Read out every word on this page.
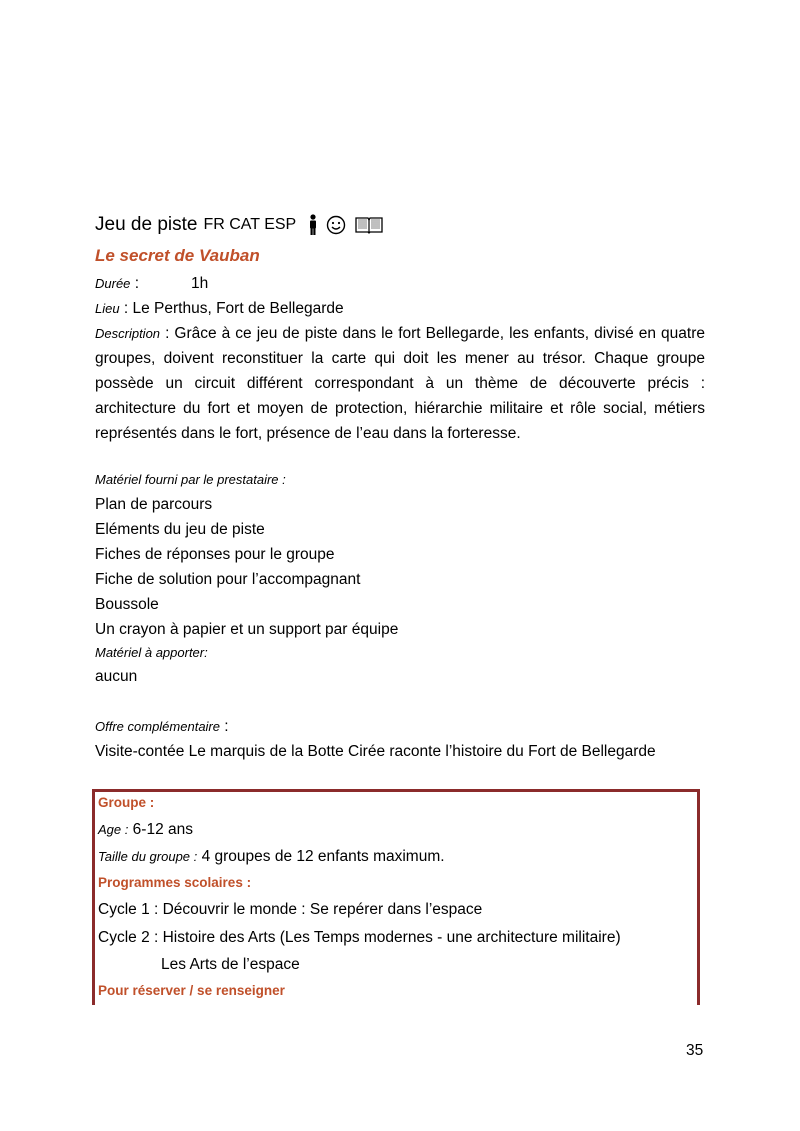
Jeu de piste FR CAT ESP
Le secret de Vauban
Durée :	1h
Lieu : Le Perthus, Fort de Bellegarde
Description : Grâce à ce jeu de piste dans le fort Bellegarde, les enfants, divisé en quatre groupes, doivent reconstituer la carte qui doit les mener au trésor. Chaque groupe possède un circuit différent correspondant à un thème de découverte précis : architecture du fort et moyen de protection, hiérarchie militaire et rôle social, métiers représentés dans le fort, présence de l’eau dans la forteresse.
Matériel fourni par le prestataire :
Plan de parcours
Eléments du jeu de piste
Fiches de réponses pour le groupe
Fiche de solution pour l’accompagnant
Boussole
Un crayon à papier et un support par équipe
Matériel à apporter:
aucun
Offre complémentaire :
Visite-contée Le marquis de la Botte Cirée raconte l’histoire du Fort de Bellegarde
Groupe :
Age : 6-12 ans
Taille du groupe : 4 groupes de 12 enfants maximum.
Programmes scolaires :
Cycle 1 : Découvrir le monde : Se repérer dans l’espace
Cycle 2 : Histoire des Arts (Les Temps modernes - une architecture militaire)
Les Arts de l’espace
Pour réserver / se renseigner
35
